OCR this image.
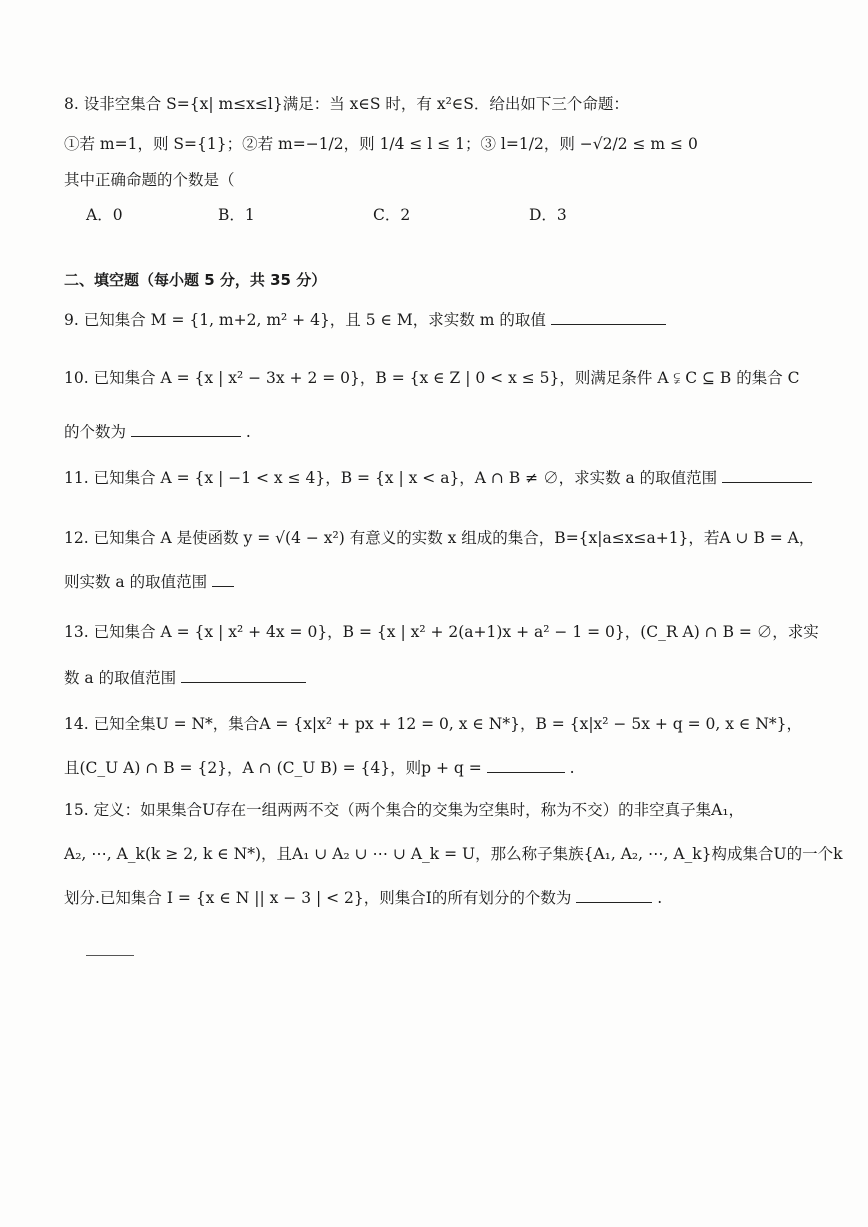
8. 设非空集合 S={x| m≤x≤l}满足：当 x∈S 时，有 x²∈S．给出如下三个命题：
①若 m=1，则 S={1}；②若 m=−1/2，则 1/4 ≤ l ≤ 1；③ l=1/2，则 −√2/2 ≤ m ≤ 0
其中正确命题的个数是（
A．0	B．1	C．2	D．3
二、填空题（每小题 5 分，共 35 分）
9. 已知集合 M = {1, m+2, m² + 4}，且 5 ∈ M，求实数 m 的取值
10. 已知集合 A = {x | x² − 3x + 2 = 0}，B = {x ∈ Z | 0 < x ≤ 5}，则满足条件 A ⫋ C ⊆ B 的集合 C
的个数为	.
11. 已知集合 A = {x | −1 < x ≤ 4}，B = {x | x < a}，A ∩ B ≠ ∅，求实数 a 的取值范围
12. 已知集合 A 是使函数 y = √(4 − x²) 有意义的实数 x 组成的集合，B={x|a≤x≤a+1}，若A ∪ B = A，
则实数 a 的取值范围
13. 已知集合 A = {x | x² + 4x = 0}，B = {x | x² + 2(a+1)x + a² − 1 = 0}，(C_R A) ∩ B = ∅，求实
数 a 的取值范围
14. 已知全集U = N*，集合A = {x|x² + px + 12 = 0, x ∈ N*}，B = {x|x² − 5x + q = 0, x ∈ N*}，
且(C_U A) ∩ B = {2}，A ∩ (C_U B) = {4}，则p + q =	.
15. 定义：如果集合U存在一组两两不交（两个集合的交集为空集时，称为不交）的非空真子集A₁，
A₂, ⋯, A_k(k ≥ 2, k ∈ N*)，且A₁ ∪ A₂ ∪ ⋯ ∪ A_k = U，那么称子集族{A₁, A₂, ⋯, A_k}构成集合U的一个k
划分.已知集合 I = {x ∈ N || x − 3 | < 2}，则集合I的所有划分的个数为	.
